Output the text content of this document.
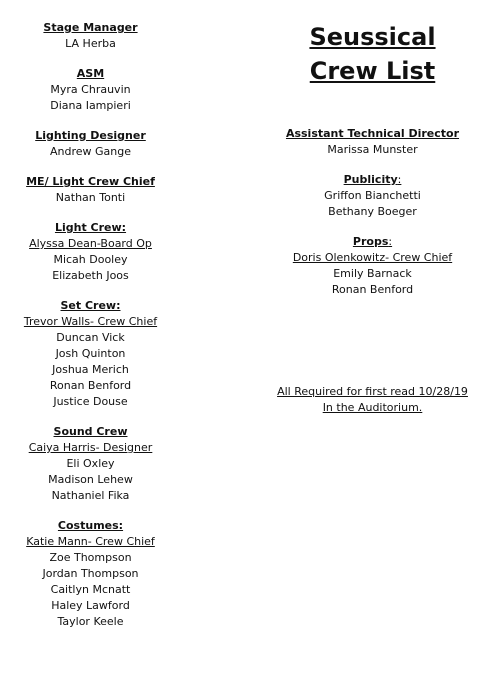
Stage Manager
LA Herba
ASM
Myra Chrauvin
Diana Iampieri
Lighting Designer
Andrew Gange
ME/ Light Crew Chief
Nathan Tonti
Light Crew:
Alyssa Dean-Board Op
Micah Dooley
Elizabeth Joos
Set Crew:
Trevor Walls- Crew Chief
Duncan Vick
Josh Quinton
Joshua Merich
Ronan Benford
Justice Douse
Sound Crew
Caiya Harris- Designer
Eli Oxley
Madison Lehew
Nathaniel Fika
Costumes:
Katie Mann- Crew Chief
Zoe Thompson
Jordan Thompson
Caitlyn Mcnatt
Haley Lawford
Taylor Keele
Seussical
Crew List
Assistant Technical Director
Marissa Munster
Publicity:
Griffon Bianchetti
Bethany Boeger
Props:
Doris Olenkowitz- Crew Chief
Emily Barnack
Ronan Benford
All Required for first read 10/28/19
In the Auditorium.
